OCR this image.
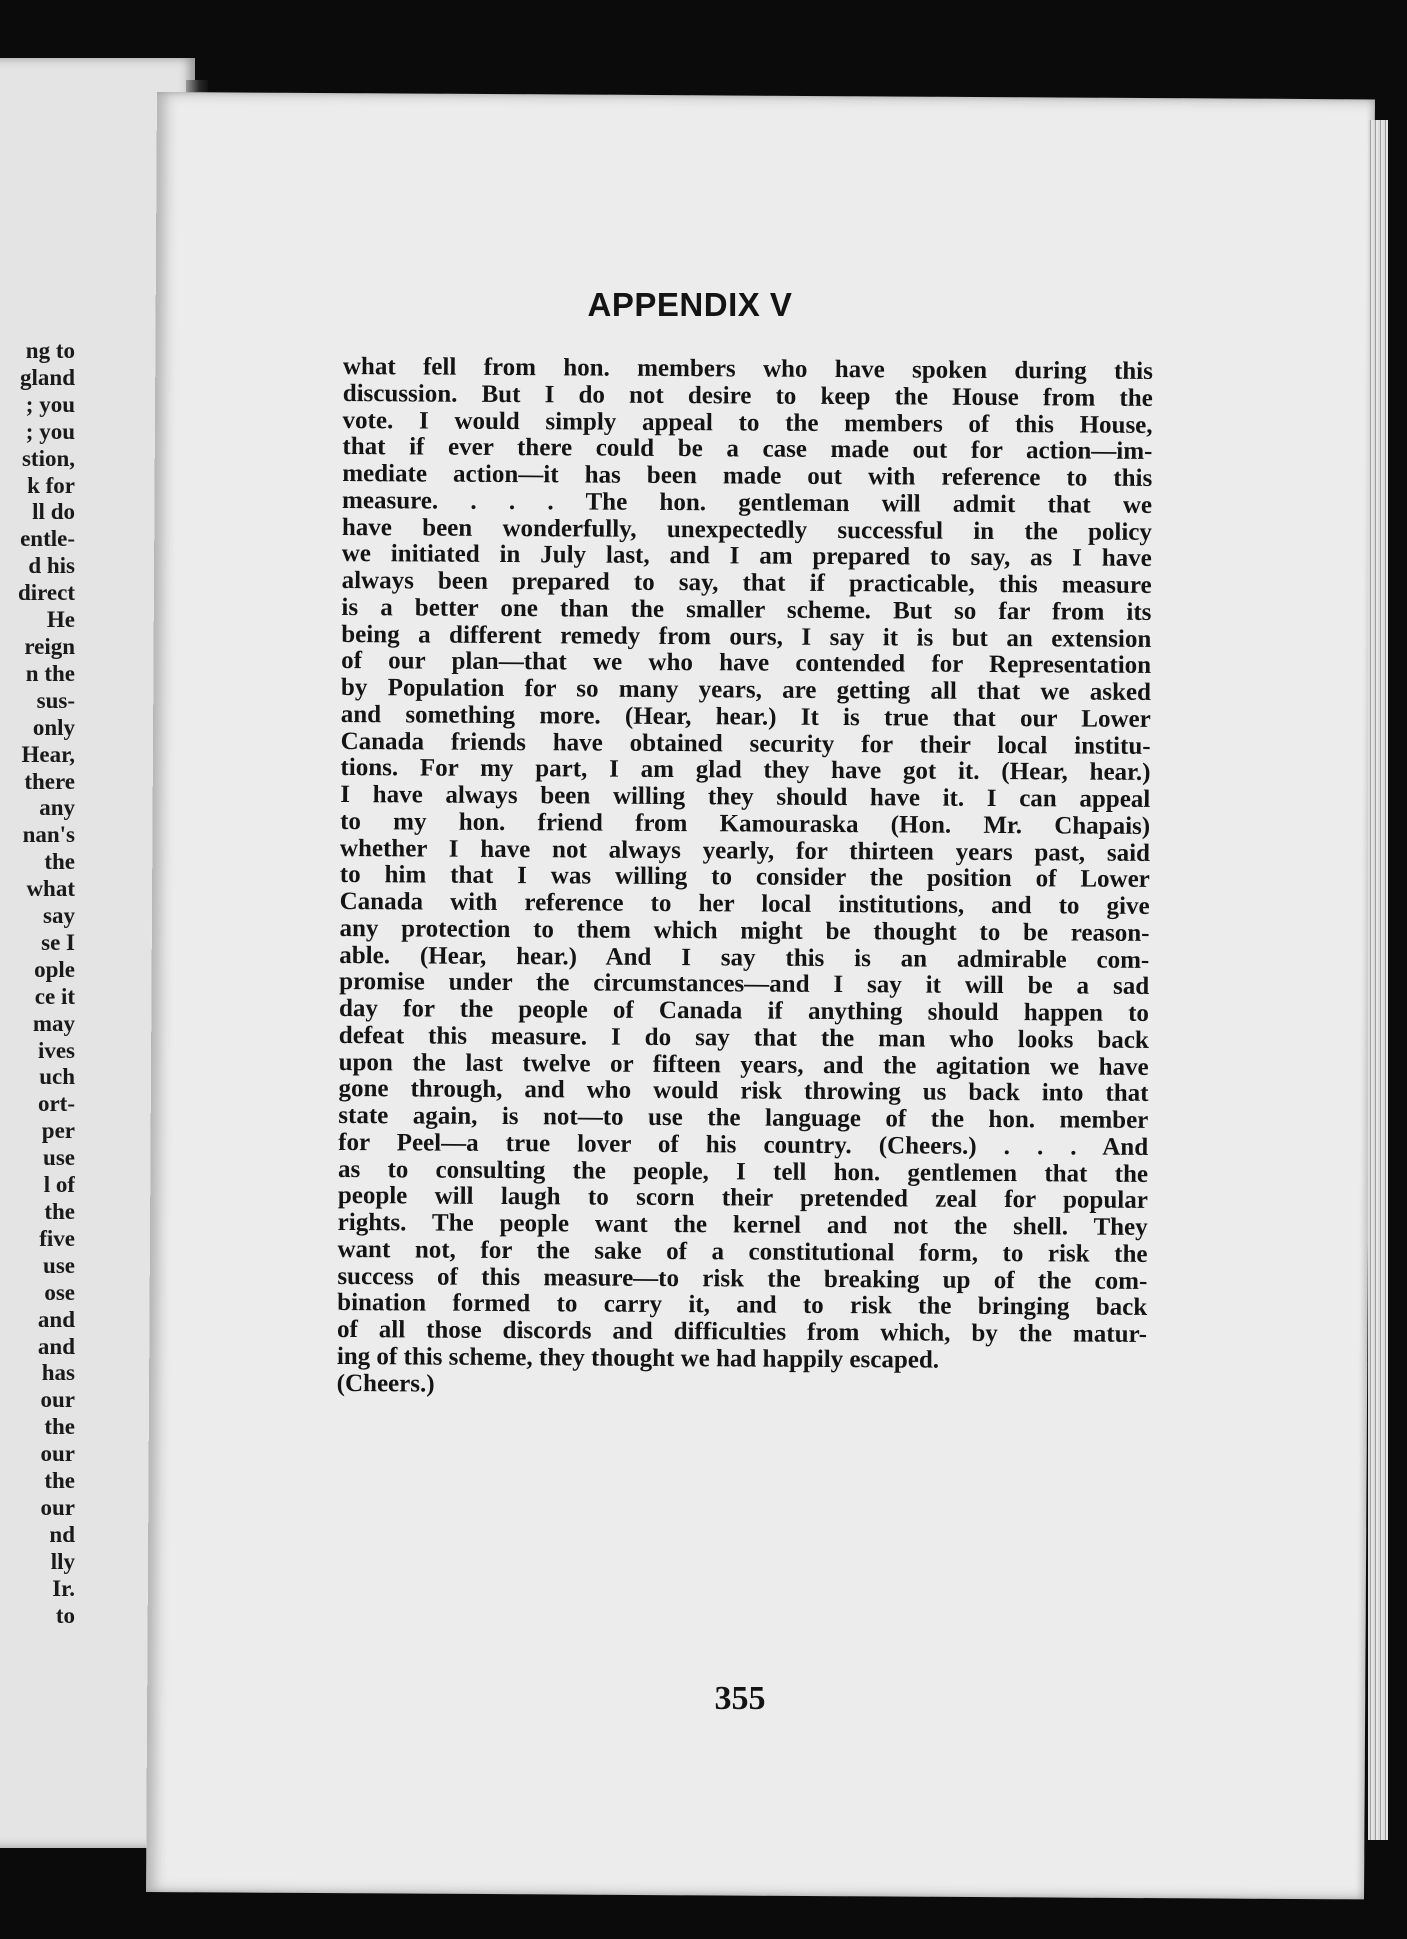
ng to
gland
; you
; you
stion,
k for
ll do
entle-
d his
direct
He
reign
n the
sus-
only
Hear,
there
any
nan's
the
what
say
se I
ople
ce it
may
ives
uch
ort-
per
use
l of
the
five
use
ose
and
and
has
our
the
our
the
our
nd
lly
Ir.
to
APPENDIX V
what fell from hon. members who have spoken during this
discussion. But I do not desire to keep the House from the
vote. I would simply appeal to the members of this House,
that if ever there could be a case made out for action—im-
mediate action—it has been made out with reference to this
measure. . . . The hon. gentleman will admit that we
have been wonderfully, unexpectedly successful in the policy
we initiated in July last, and I am prepared to say, as I have
always been prepared to say, that if practicable, this measure
is a better one than the smaller scheme. But so far from its
being a different remedy from ours, I say it is but an extension
of our plan—that we who have contended for Representation
by Population for so many years, are getting all that we asked
and something more. (Hear, hear.) It is true that our Lower
Canada friends have obtained security for their local institu-
tions. For my part, I am glad they have got it. (Hear, hear.)
I have always been willing they should have it. I can appeal
to my hon. friend from Kamouraska (Hon. Mr. Chapais)
whether I have not always yearly, for thirteen years past, said
to him that I was willing to consider the position of Lower
Canada with reference to her local institutions, and to give
any protection to them which might be thought to be reason-
able. (Hear, hear.) And I say this is an admirable com-
promise under the circumstances—and I say it will be a sad
day for the people of Canada if anything should happen to
defeat this measure. I do say that the man who looks back
upon the last twelve or fifteen years, and the agitation we have
gone through, and who would risk throwing us back into that
state again, is not—to use the language of the hon. member
for Peel—a true lover of his country. (Cheers.) . . . And
as to consulting the people, I tell hon. gentlemen that the
people will laugh to scorn their pretended zeal for popular
rights. The people want the kernel and not the shell. They
want not, for the sake of a constitutional form, to risk the
success of this measure—to risk the breaking up of the com-
bination formed to carry it, and to risk the bringing back
of all those discords and difficulties from which, by the matur-
ing of this scheme, they thought we had happily escaped.
(Cheers.)
355
